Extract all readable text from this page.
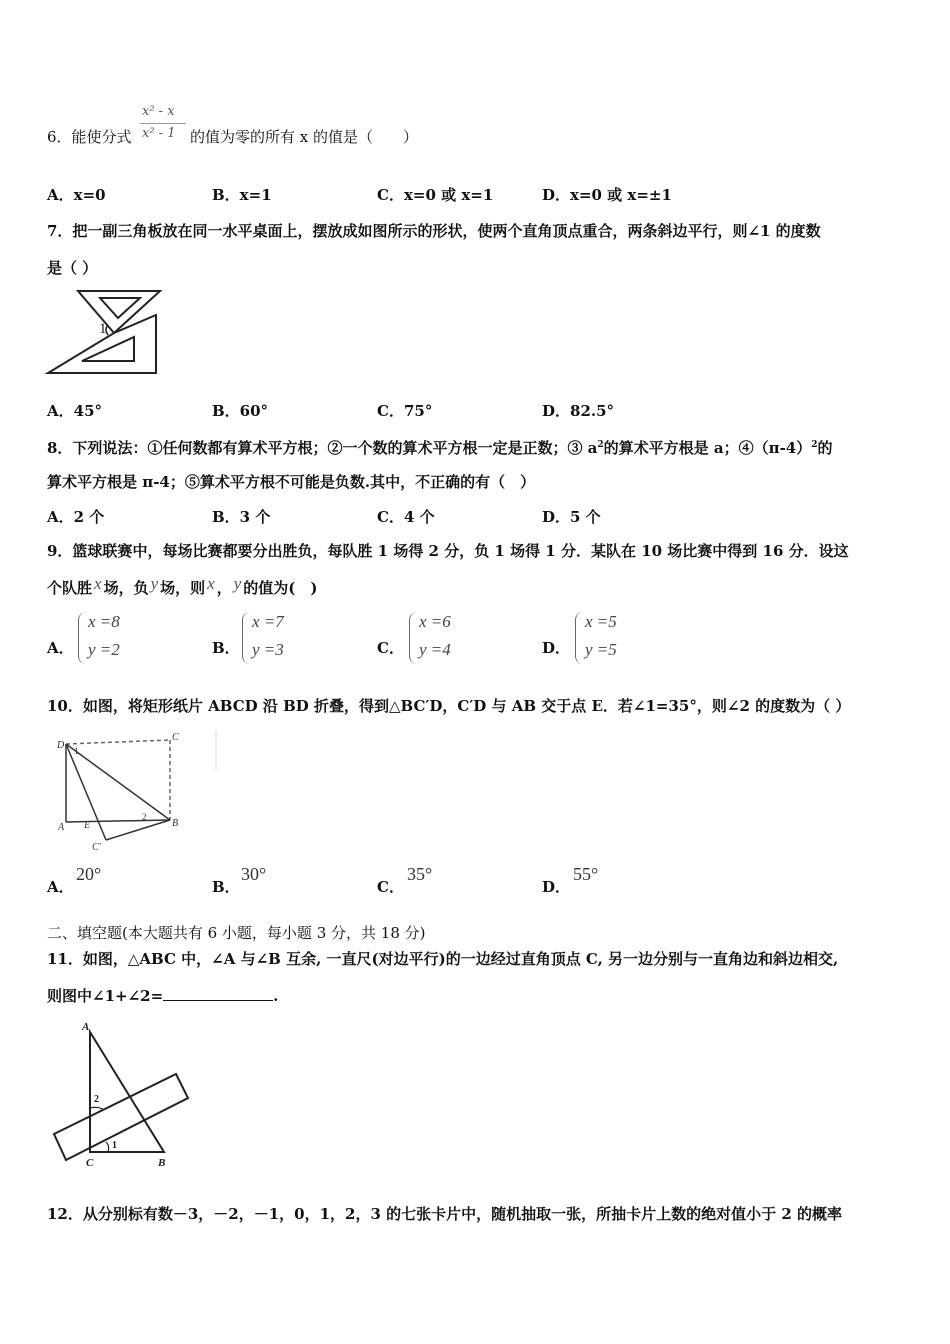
x² - x
x² - 1
6．能使分式	的值为零的所有 x 的值是（　　）
A．x=0	B．x=1	C．x=0 或 x=1	D．x=0 或 x=±1
7．把一副三角板放在同一水平桌面上，摆放成如图所示的形状，使两个直角顶点重合，两条斜边平行，则∠1 的度数
是（ ）
1
A．45°	B．60°	C．75°	D．82.5°
8．下列说法：①任何数都有算术平方根；②一个数的算术平方根一定是正数；③ $a^2$的算术平方根是 a；$④(\pi-4)^2$的
算术平方根是 π-4；⑤算术平方根不可能是负数.其中，不正确的有（　）
A．2 个	B．3 个	C．4 个	D．5 个
9．篮球联赛中，每场比赛都要分出胜负，每队胜 1 场得 2 分，负 1 场得 1 分．某队在 10 场比赛中得到 16 分．设这
个队胜 x 场，负 y 场，则 x ， y 的值为(　)
A．
x =8
y =2	B．
x =7
y =3	C．
x =6
y =4	D．
x =5
y =5
10．如图，将矩形纸片 ABCD 沿 BD 折叠，得到△BC′D，C′D 与 AB 交于点 E．若∠1=35°，则∠2 的度数为（ ）
D
C
A E	B
C′
1
2
A．
20°
B．
30°
C．
35°
D．
55°
二、填空题(本大题共有 6 小题，每小题 3 分，共 18 分)
11．如图，△ABC 中，∠A 与∠B 互余, 一直尺(对边平行)的一边经过直角顶点 C, 另一边分别与一直角边和斜边相交,
则图中∠1+∠2=	.
A
C	B
1
2
12．从分别标有数－3，－2，－1，0，1，2，3 的七张卡片中，随机抽取一张，所抽卡片上数的绝对值小于 2 的概率
